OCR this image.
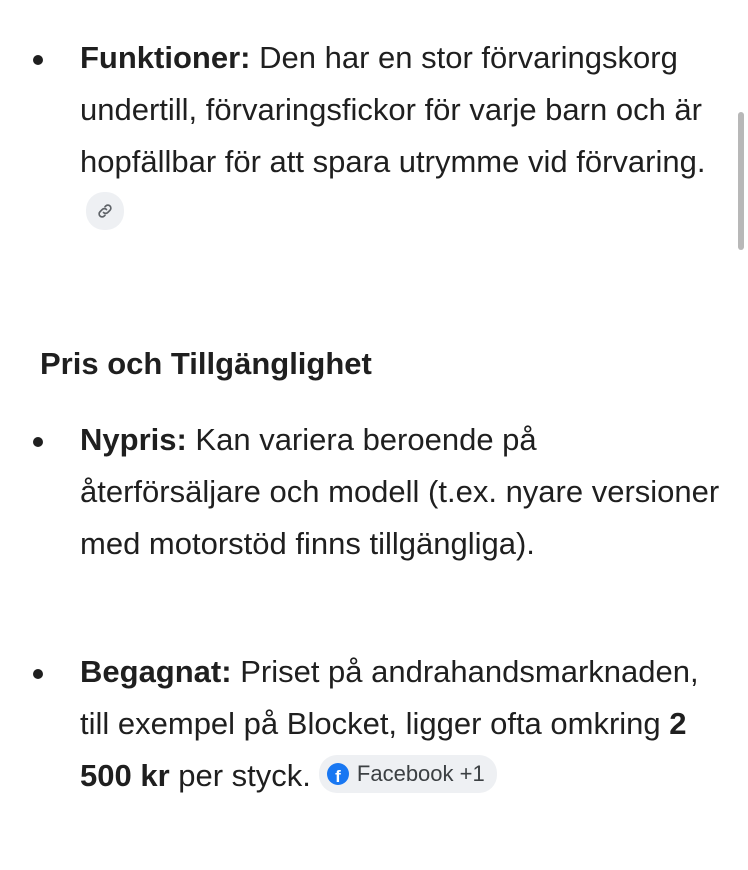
Funktioner: Den har en stor förvaringskorg undertill, förvaringsfickor för varje barn och är hopfällbar för att spara utrymme vid förvaring.
Pris och Tillgänglighet
Nypris: Kan variera beroende på återförsäljare och modell (t.ex. nyare versioner med motorstöd finns tillgängliga).
Begagnat: Priset på andrahandsmarknaden, till exempel på Blocket, ligger ofta omkring 2 500 kr per styck.	f Facebook +1
